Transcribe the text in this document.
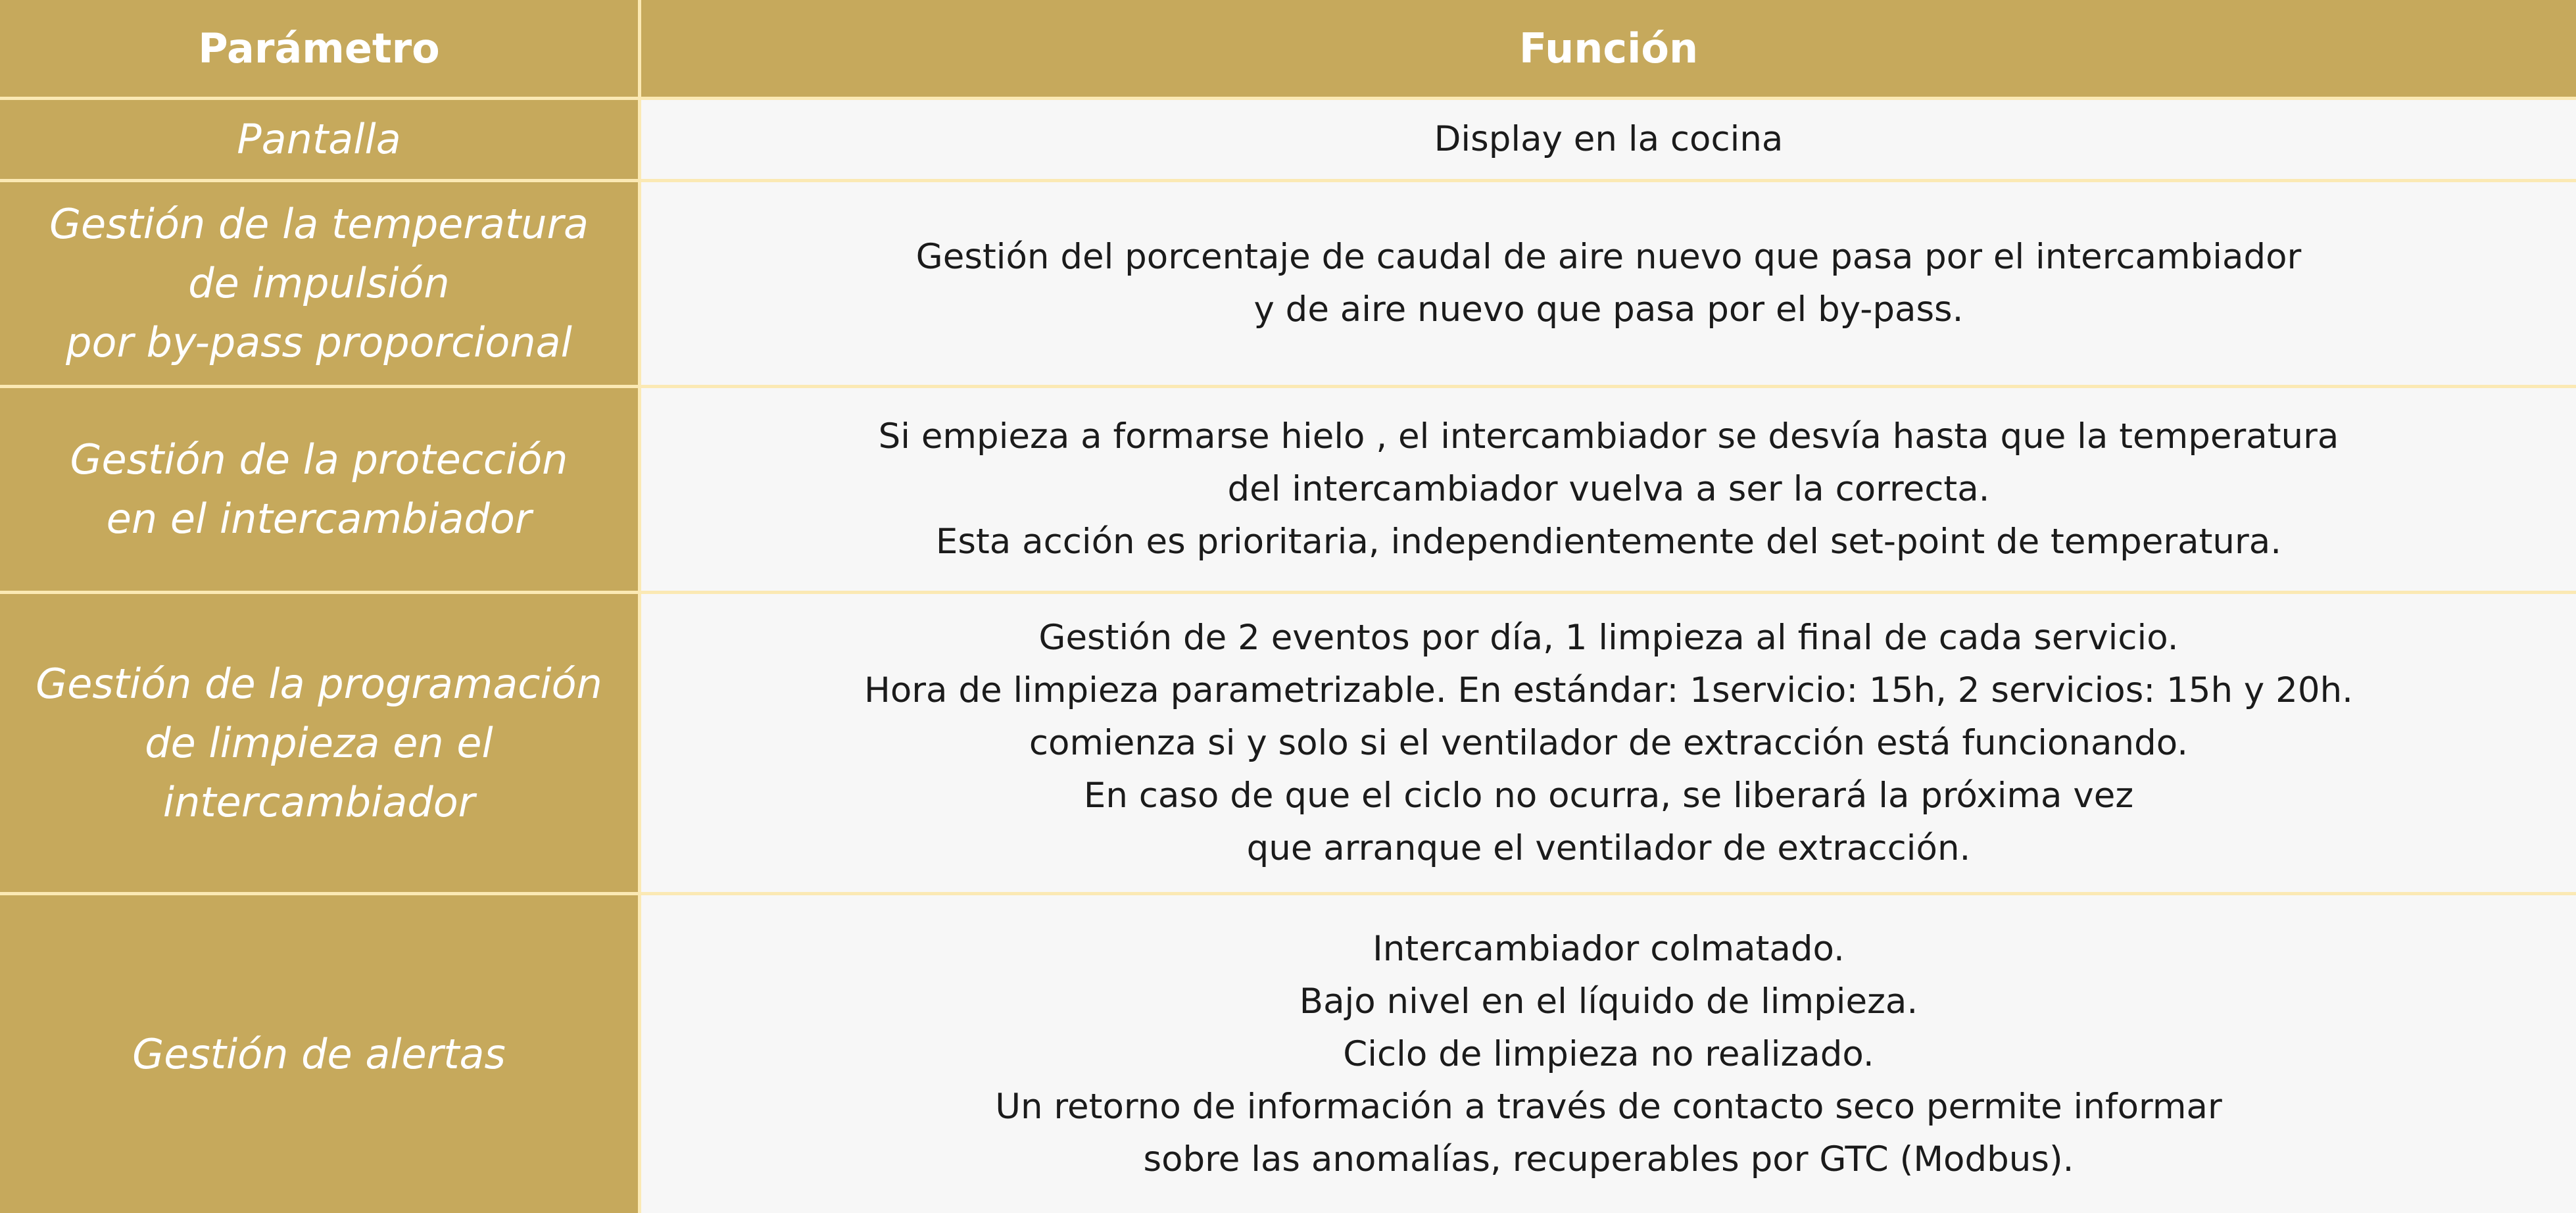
Parámetro	Función
Pantalla	Display en la cocina
Gestión de la temperatura
de impulsión
por by-pass proporcional
Gestión del porcentaje de caudal de aire nuevo que pasa por el intercambiador
y de aire nuevo que pasa por el by-pass.
Gestión de la protección
en el intercambiador
Si empieza a formarse hielo , el intercambiador se desvía hasta que la temperatura
del intercambiador vuelva a ser la correcta.
Esta acción es prioritaria, independientemente del set-point de temperatura.
Gestión de la programación
de limpieza en el
intercambiador
Gestión de 2 eventos por día, 1 limpieza al final de cada servicio.
Hora de limpieza parametrizable. En estándar: 1servicio: 15h, 2 servicios: 15h y 20h.
comienza si y solo si el ventilador de extracción está funcionando.
En caso de que el ciclo no ocurra, se liberará la próxima vez
que arranque el ventilador de extracción.
Gestión de alertas
Intercambiador colmatado.
Bajo nivel en el líquido de limpieza.
Ciclo de limpieza no realizado.
Un retorno de información a través de contacto seco permite informar
sobre las anomalías, recuperables por GTC (Modbus).
